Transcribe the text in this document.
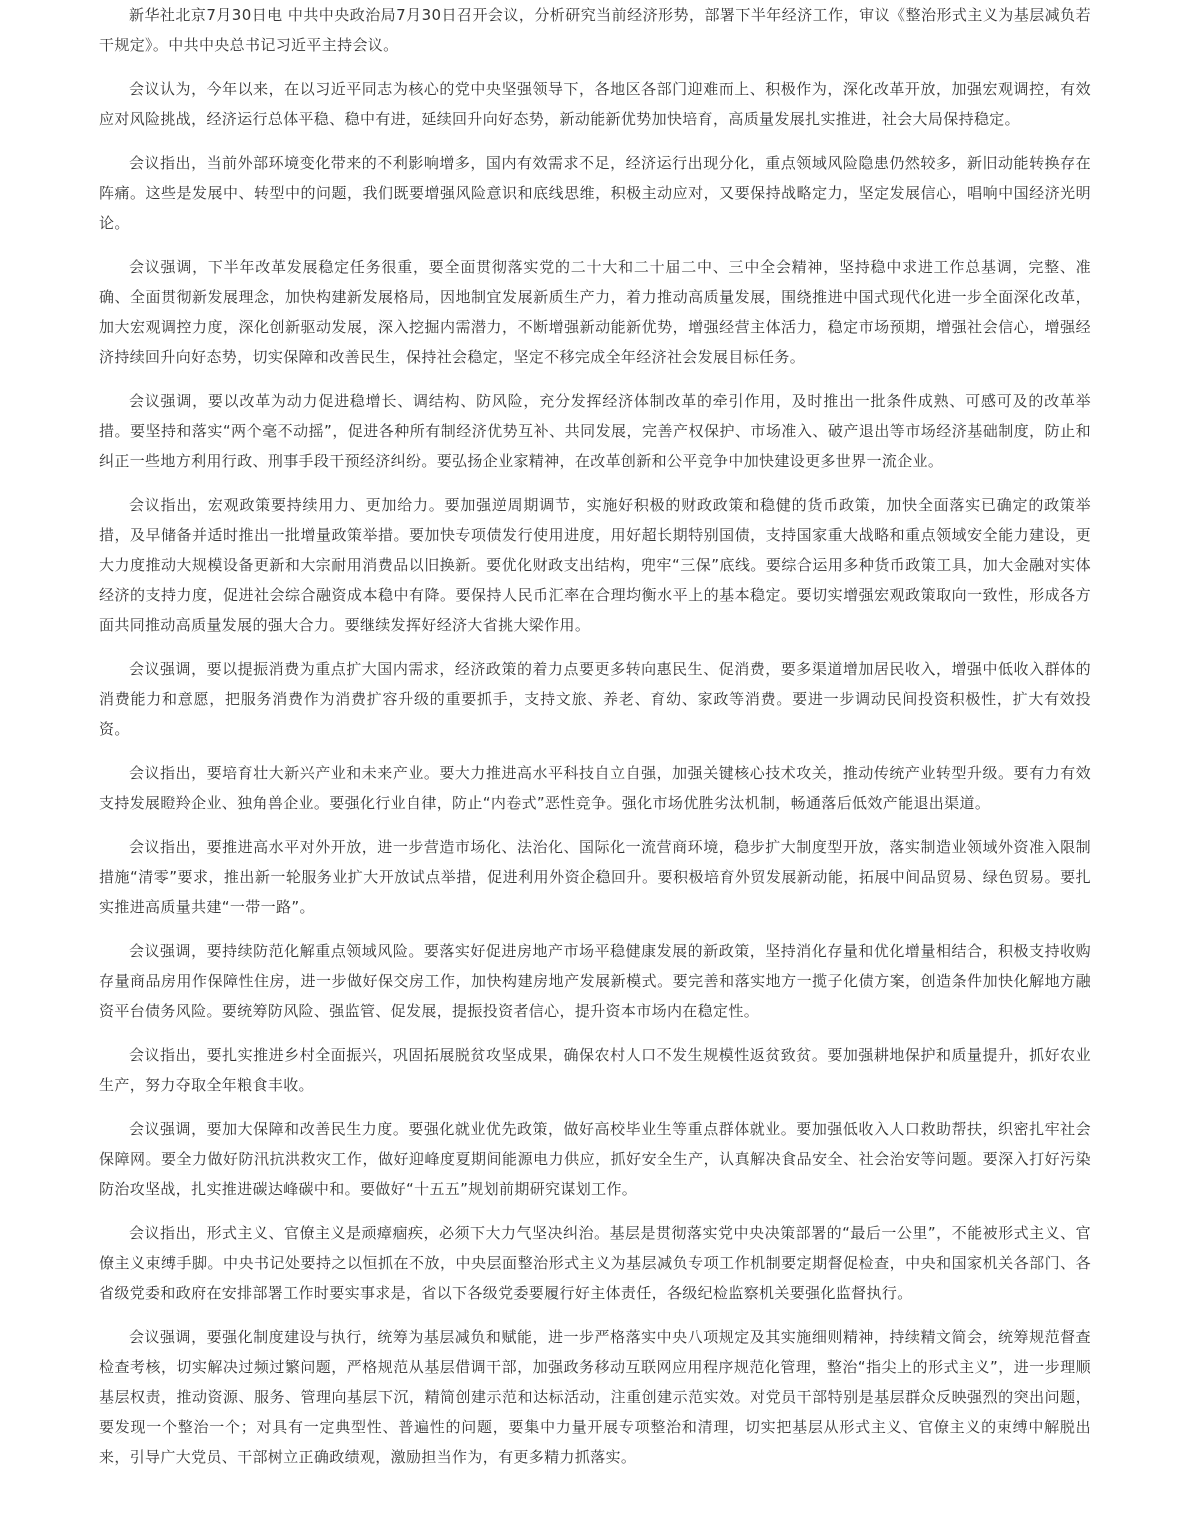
新华社北京7月30日电 中共中央政治局7月30日召开会议，分析研究当前经济形势，部署下半年经济工作，审议《整治形式主义为基层减负若干规定》。中共中央总书记习近平主持会议。

会议认为，今年以来，在以习近平同志为核心的党中央坚强领导下，各地区各部门迎难而上、积极作为，深化改革开放，加强宏观调控，有效应对风险挑战，经济运行总体平稳、稳中有进，延续回升向好态势，新动能新优势加快培育，高质量发展扎实推进，社会大局保持稳定。

会议指出，当前外部环境变化带来的不利影响增多，国内有效需求不足，经济运行出现分化，重点领域风险隐患仍然较多，新旧动能转换存在阵痛。这些是发展中、转型中的问题，我们既要增强风险意识和底线思维，积极主动应对，又要保持战略定力，坚定发展信心，唱响中国经济光明论。

会议强调，下半年改革发展稳定任务很重，要全面贯彻落实党的二十大和二十届二中、三中全会精神，坚持稳中求进工作总基调，完整、准确、全面贯彻新发展理念，加快构建新发展格局，因地制宜发展新质生产力，着力推动高质量发展，围绕推进中国式现代化进一步全面深化改革，加大宏观调控力度，深化创新驱动发展，深入挖掘内需潜力，不断增强新动能新优势，增强经营主体活力，稳定市场预期，增强社会信心，增强经济持续回升向好态势，切实保障和改善民生，保持社会稳定，坚定不移完成全年经济社会发展目标任务。

会议强调，要以改革为动力促进稳增长、调结构、防风险，充分发挥经济体制改革的牵引作用，及时推出一批条件成熟、可感可及的改革举措。要坚持和落实“两个毫不动摇”，促进各种所有制经济优势互补、共同发展，完善产权保护、市场准入、破产退出等市场经济基础制度，防止和纠正一些地方利用行政、刑事手段干预经济纠纷。要弘扬企业家精神，在改革创新和公平竞争中加快建设更多世界一流企业。

会议指出，宏观政策要持续用力、更加给力。要加强逆周期调节，实施好积极的财政政策和稳健的货币政策，加快全面落实已确定的政策举措，及早储备并适时推出一批增量政策举措。要加快专项债发行使用进度，用好超长期特别国债，支持国家重大战略和重点领域安全能力建设，更大力度推动大规模设备更新和大宗耐用消费品以旧换新。要优化财政支出结构，兜牢“三保”底线。要综合运用多种货币政策工具，加大金融对实体经济的支持力度，促进社会综合融资成本稳中有降。要保持人民币汇率在合理均衡水平上的基本稳定。要切实增强宏观政策取向一致性，形成各方面共同推动高质量发展的强大合力。要继续发挥好经济大省挑大梁作用。

会议强调，要以提振消费为重点扩大国内需求，经济政策的着力点要更多转向惠民生、促消费，要多渠道增加居民收入，增强中低收入群体的消费能力和意愿，把服务消费作为消费扩容升级的重要抓手，支持文旅、养老、育幼、家政等消费。要进一步调动民间投资积极性，扩大有效投资。

会议指出，要培育壮大新兴产业和未来产业。要大力推进高水平科技自立自强，加强关键核心技术攻关，推动传统产业转型升级。要有力有效支持发展瞪羚企业、独角兽企业。要强化行业自律，防止“内卷式”恶性竞争。强化市场优胜劣汰机制，畅通落后低效产能退出渠道。

会议指出，要推进高水平对外开放，进一步营造市场化、法治化、国际化一流营商环境，稳步扩大制度型开放，落实制造业领域外资准入限制措施“清零”要求，推出新一轮服务业扩大开放试点举措，促进利用外资企稳回升。要积极培育外贸发展新动能，拓展中间品贸易、绿色贸易。要扎实推进高质量共建“一带一路”。

会议强调，要持续防范化解重点领域风险。要落实好促进房地产市场平稳健康发展的新政策，坚持消化存量和优化增量相结合，积极支持收购存量商品房用作保障性住房，进一步做好保交房工作，加快构建房地产发展新模式。要完善和落实地方一揽子化债方案，创造条件加快化解地方融资平台债务风险。要统筹防风险、强监管、促发展，提振投资者信心，提升资本市场内在稳定性。

会议指出，要扎实推进乡村全面振兴，巩固拓展脱贫攻坚成果，确保农村人口不发生规模性返贫致贫。要加强耕地保护和质量提升，抓好农业生产，努力夺取全年粮食丰收。

会议强调，要加大保障和改善民生力度。要强化就业优先政策，做好高校毕业生等重点群体就业。要加强低收入人口救助帮扶，织密扎牢社会保障网。要全力做好防汛抗洪救灾工作，做好迎峰度夏期间能源电力供应，抓好安全生产，认真解决食品安全、社会治安等问题。要深入打好污染防治攻坚战，扎实推进碳达峰碳中和。要做好“十五五”规划前期研究谋划工作。

会议指出，形式主义、官僚主义是顽瘴痼疾，必须下大力气坚决纠治。基层是贯彻落实党中央决策部署的“最后一公里”，不能被形式主义、官僚主义束缚手脚。中央书记处要持之以恒抓在不放，中央层面整治形式主义为基层减负专项工作机制要定期督促检查，中央和国家机关各部门、各省级党委和政府在安排部署工作时要实事求是，省以下各级党委要履行好主体责任，各级纪检监察机关要强化监督执行。

会议强调，要强化制度建设与执行，统筹为基层减负和赋能，进一步严格落实中央八项规定及其实施细则精神，持续精文简会，统筹规范督查检查考核，切实解决过频过繁问题，严格规范从基层借调干部，加强政务移动互联网应用程序规范化管理，整治“指尖上的形式主义”，进一步理顺基层权责，推动资源、服务、管理向基层下沉，精简创建示范和达标活动，注重创建示范实效。对党员干部特别是基层群众反映强烈的突出问题，要发现一个整治一个；对具有一定典型性、普遍性的问题，要集中力量开展专项整治和清理，切实把基层从形式主义、官僚主义的束缚中解脱出来，引导广大党员、干部树立正确政绩观，激励担当作为，有更多精力抓落实。
